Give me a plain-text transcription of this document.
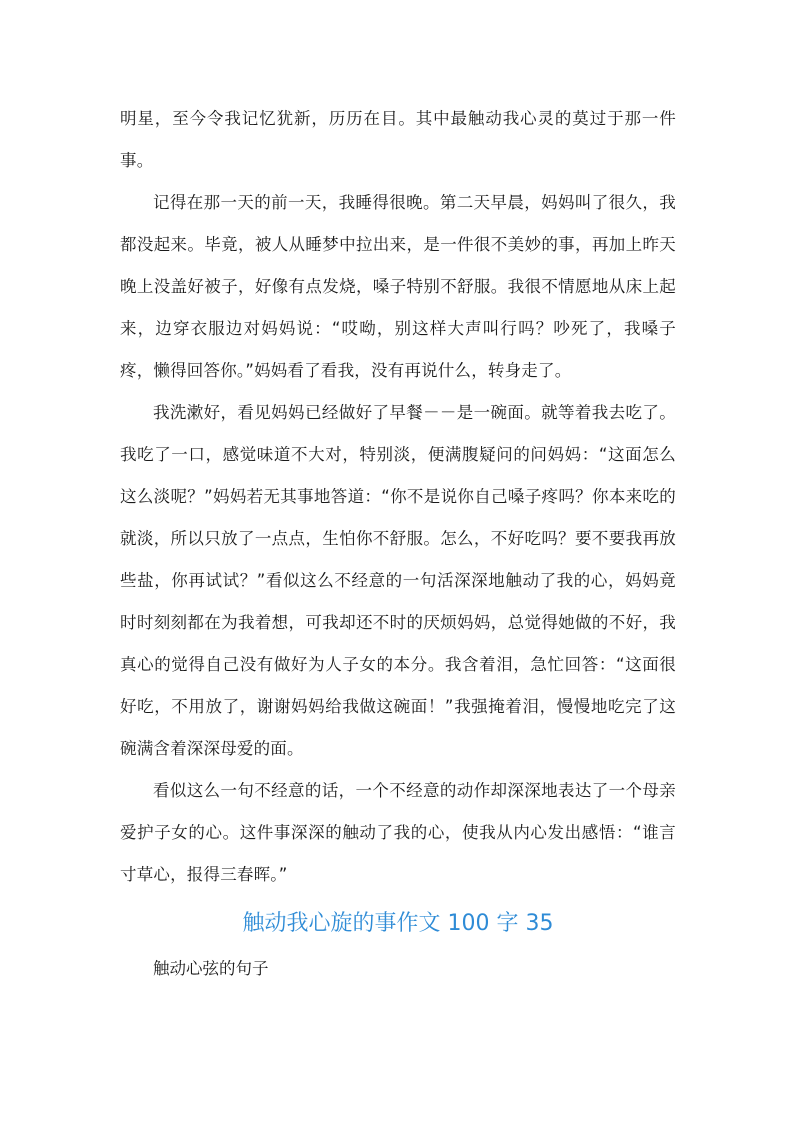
明星，至今令我记忆犹新，历历在目。其中最触动我心灵的莫过于那一件事。

记得在那一天的前一天，我睡得很晚。第二天早晨，妈妈叫了很久，我都没起来。毕竟，被人从睡梦中拉出来，是一件很不美妙的事，再加上昨天晚上没盖好被子，好像有点发烧，嗓子特别不舒服。我很不情愿地从床上起来，边穿衣服边对妈妈说：“哎呦，别这样大声叫行吗？吵死了，我嗓子疼，懒得回答你。”妈妈看了看我，没有再说什么，转身走了。

我洗漱好，看见妈妈已经做好了早餐－－是一碗面。就等着我去吃了。我吃了一口，感觉味道不大对，特别淡，便满腹疑问的问妈妈：“这面怎么这么淡呢？”妈妈若无其事地答道：“你不是说你自己嗓子疼吗？你本来吃的就淡，所以只放了一点点，生怕你不舒服。怎么，不好吃吗？要不要我再放些盐，你再试试？”看似这么不经意的一句活深深地触动了我的心，妈妈竟时时刻刻都在为我着想，可我却还不时的厌烦妈妈，总觉得她做的不好，我真心的觉得自己没有做好为人子女的本分。我含着泪，急忙回答：“这面很好吃，不用放了，谢谢妈妈给我做这碗面！”我强掩着泪，慢慢地吃完了这碗满含着深深母爱的面。

看似这么一句不经意的话，一个不经意的动作却深深地表达了一个母亲爱护子女的心。这件事深深的触动了我的心，使我从内心发出感悟：“谁言寸草心，报得三春晖。”

触动我心旋的事作文 100 字 35

触动心弦的句子
